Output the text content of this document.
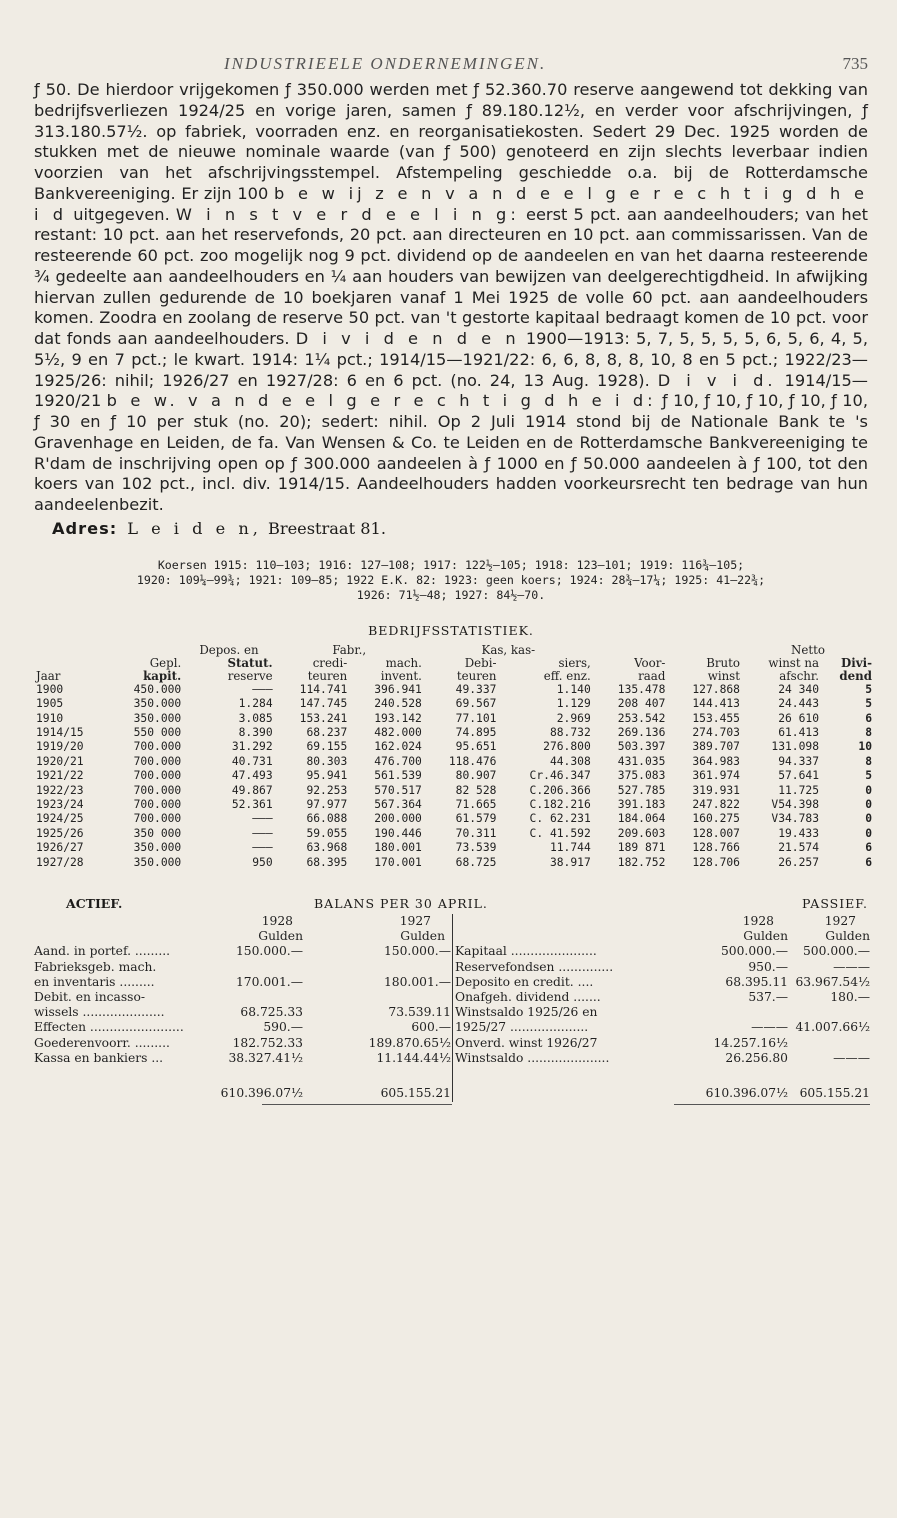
INDUSTRIEELE ONDERNEMINGEN.	735

ƒ 50. De hierdoor vrijgekomen ƒ 350.000 werden met ƒ 52.360.70 reserve aangewend tot dekking van bedrijfsverliezen 1924/25 en vorige jaren, samen ƒ 89.180.12½, en verder voor afschrijvingen, ƒ 313.180.57½. op fabriek, voorraden enz. en reorganisatiekosten. Sedert 29 Dec. 1925 worden de stukken met de nieuwe nominale waarde (van ƒ 500) genoteerd en zijn slechts leverbaar indien voorzien van het afschrijvingsstempel. Afstempeling geschiedde o.a. bij de Rotterdamsche Bankvereeniging. Er zijn 100 b e w ij z e n v a n d e e l g e r e c h t i g d h e i d uitgegeven. W i n s t v e r d e e l i n g: eerst 5 pct. aan aandeelhouders; van het restant: 10 pct. aan het reservefonds, 20 pct. aan directeuren en 10 pct. aan commissarissen. Van de resteerende 60 pct. zoo mogelijk nog 9 pct. dividend op de aandeelen en van het daarna resteerende ¾ gedeelte aan aandeelhouders en ¼ aan houders van bewijzen van deelgerechtigdheid. In afwijking hiervan zullen gedurende de 10 boekjaren vanaf 1 Mei 1925 de volle 60 pct. aan aandeelhouders komen. Zoodra en zoolang de reserve 50 pct. van 't gestorte kapitaal bedraagt komen de 10 pct. voor dat fonds aan aandeelhouders. D i v i d e n d e n 1900—1913: 5, 7, 5, 5, 5, 5, 6, 5, 6, 4, 5, 5½, 9 en 7 pct.; le kwart. 1914: 1¼ pct.; 1914/15—1921/22: 6, 6, 8, 8, 8, 10, 8 en 5 pct.; 1922/23—1925/26: nihil; 1926/27 en 1927/28: 6 en 6 pct. (no. 24, 13 Aug. 1928). D i v i d. 1914/15—1920/21 b e w. v a n d e e l g e r e c h t i g d h e i d: ƒ 10, ƒ 10, ƒ 10, ƒ 10, ƒ 10, ƒ 30 en ƒ 10 per stuk (no. 20); sedert: nihil. Op 2 Juli 1914 stond bij de Nationale Bank te 's Gravenhage en Leiden, de fa. Van Wensen & Co. te Leiden en de Rotterdamsche Bankvereeniging te R'dam de inschrijving open op ƒ 300.000 aandeelen à ƒ 1000 en ƒ 50.000 aandeelen à ƒ 100, tot den koers van 102 pct., incl. div. 1914/15. Aandeelhouders hadden voorkeursrecht ten bedrage van hun aandeelenbezit.

Adres: L e i d e n, Breestraat 81.
Koersen 1915: 110—103; 1916: 127—108; 1917: 122½—105; 1918: 123—101; 1919: 116¾—105;
1920: 109¼—99¾; 1921: 109—85; 1922 E.K. 82: 1923: geen koers; 1924: 28¾—17¼; 1925: 41—22¾;
1926: 71½—48; 1927: 84½—70.
BEDRIJFSSTATISTIEK.
		Depos. en	Fabr.,		Kas, kas-				Netto	
	Gepl.	Statut.	credi-	mach.	Debi-	siers,	Voor-	Bruto	winst na	Divi-
Jaar	kapit.	reserve	teuren	invent.	teuren	eff. enz.	raad	winst	afschr.	dend
1900	450.000	———	114.741	396.941	49.337	1.140	135.478	127.868	24 340	5
1905	350.000	1.284	147.745	240.528	69.567	1.129	208 407	144.413	24.443	5
1910	350.000	3.085	153.241	193.142	77.101	2.969	253.542	153.455	26 610	6
1914/15	550 000	8.390	68.237	482.000	74.895	88.732	269.136	274.703	61.413	8
1919/20	700.000	31.292	69.155	162.024	95.651	276.800	503.397	389.707	131.098	10
1920/21	700.000	40.731	80.303	476.700	118.476	44.308	431.035	364.983	94.337	8
1921/22	700.000	47.493	95.941	561.539	80.907	Cr.46.347	375.083	361.974	57.641	5
1922/23	700.000	49.867	92.253	570.517	82 528	C.206.366	527.785	319.931	11.725	0
1923/24	700.000	52.361	97.977	567.364	71.665	C.182.216	391.183	247.822	V54.398	0
1924/25	700.000	———	66.088	200.000	61.579	C. 62.231	184.064	160.275	V34.783	0
1925/26	350 000	———	59.055	190.446	70.311	C. 41.592	209.603	128.007	19.433	0
1926/27	350.000	———	63.968	180.001	73.539	11.744	189 871	128.766	21.574	6
1927/28	350.000	950	68.395	170.001	68.725	38.917	182.752	128.706	26.257	6
ACTIEF.	BALANS PER 30 APRIL.	PASSIEF.
1928	1927
Gulden	Gulden
Aand. in portef. .........	150.000.—	150.000.—
Fabrieksgeb. mach.
en inventaris .........	170.001.—	180.001.—
Debit. en incasso-
wissels .....................	68.725.33	73.539.11
Effecten ........................	590.—	600.—
Goederenvoorr. .........	182.752.33	189.870.65½
Kassa en bankiers ...	38.327.41½	11.144.44½
610.396.07½	605.155.21
1928	1927
Gulden	Gulden
Kapitaal ......................	500.000.— 500.000.—
Reservefondsen ..............	950.—	———
Deposito en credit. ....	68.395.11 63.967.54½
Onafgeh. dividend .......	537.—	180.—
Winstsaldo 1925/26 en
1925/27 ....................	——— 41.007.66½
Onverd. winst 1926/27	14.257.16½
Winstsaldo .....................	26.256.80	———
610.396.07½ 605.155.21
